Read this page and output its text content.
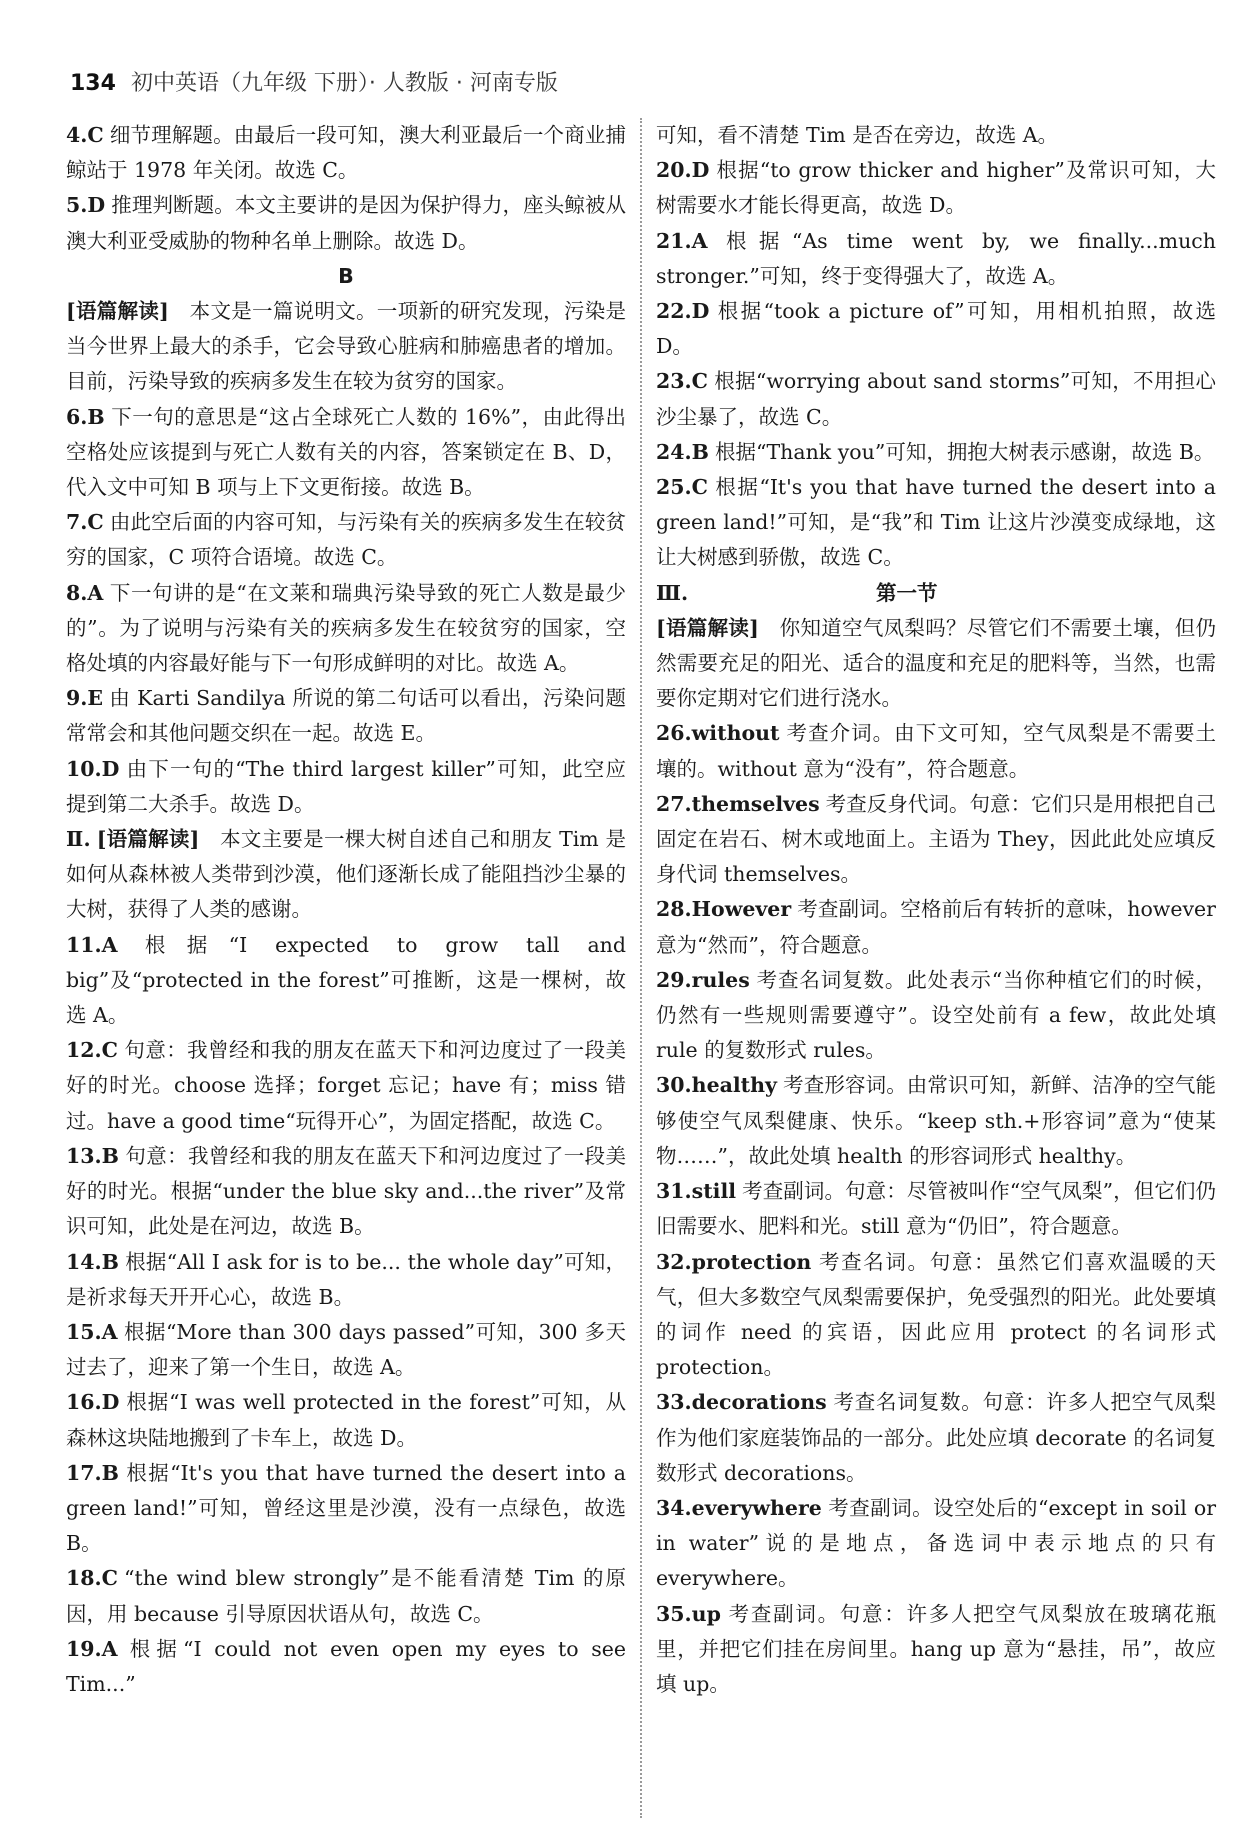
134 初中英语（九年级 下册）· 人教版 · 河南专版

4.C 细节理解题。由最后一段可知，澳大利亚最后一个商业捕鲸站于 1978 年关闭。故选 C。

5.D 推理判断题。本文主要讲的是因为保护得力，座头鲸被从澳大利亚受威胁的物种名单上删除。故选 D。

B

[语篇解读]  本文是一篇说明文。一项新的研究发现，污染是当今世界上最大的杀手，它会导致心脏病和肺癌患者的增加。目前，污染导致的疾病多发生在较为贫穷的国家。

6.B 下一句的意思是“这占全球死亡人数的 16%”，由此得出空格处应该提到与死亡人数有关的内容，答案锁定在 B、D，代入文中可知 B 项与上下文更衔接。故选 B。

7.C 由此空后面的内容可知，与污染有关的疾病多发生在较贫穷的国家，C 项符合语境。故选 C。

8.A 下一句讲的是“在文莱和瑞典污染导致的死亡人数是最少的”。为了说明与污染有关的疾病多发生在较贫穷的国家，空格处填的内容最好能与下一句形成鲜明的对比。故选 A。

9.E 由 Karti Sandilya 所说的第二句话可以看出，污染问题常常会和其他问题交织在一起。故选 E。

10.D 由下一句的“The third largest killer”可知，此空应提到第二大杀手。故选 D。

Ⅱ. [语篇解读]  本文主要是一棵大树自述自己和朋友 Tim 是如何从森林被人类带到沙漠，他们逐渐长成了能阻挡沙尘暴的大树，获得了人类的感谢。

11.A 根据“I expected to grow tall and big”及“protected in the forest”可推断，这是一棵树，故选 A。

12.C 句意：我曾经和我的朋友在蓝天下和河边度过了一段美好的时光。choose 选择；forget 忘记；have 有；miss 错过。have a good time“玩得开心”，为固定搭配，故选 C。

13.B 句意：我曾经和我的朋友在蓝天下和河边度过了一段美好的时光。根据“under the blue sky and...the river”及常识可知，此处是在河边，故选 B。

14.B 根据“All I ask for is to be... the whole day”可知，是祈求每天开开心心，故选 B。

15.A 根据“More than 300 days passed”可知，300 多天过去了，迎来了第一个生日，故选 A。

16.D 根据“I was well protected in the forest”可知，从森林这块陆地搬到了卡车上，故选 D。

17.B 根据“It's you that have turned the desert into a green land!”可知，曾经这里是沙漠，没有一点绿色，故选 B。

18.C “the wind blew strongly”是不能看清楚 Tim 的原因，用 because 引导原因状语从句，故选 C。

19.A 根据“I could not even open my eyes to see Tim...”

可知，看不清楚 Tim 是否在旁边，故选 A。

20.D 根据“to grow thicker and higher”及常识可知，大树需要水才能长得更高，故选 D。

21.A 根据“As time went by, we finally...much stronger.”可知，终于变得强大了，故选 A。

22.D 根据“took a picture of”可知，用相机拍照，故选 D。

23.C 根据“worrying about sand storms”可知，不用担心沙尘暴了，故选 C。

24.B 根据“Thank you”可知，拥抱大树表示感谢，故选 B。

25.C 根据“It's you that have turned the desert into a green land!”可知，是“我”和 Tim 让这片沙漠变成绿地，这让大树感到骄傲，故选 C。

Ⅲ.	第一节

[语篇解读]  你知道空气凤梨吗？尽管它们不需要土壤，但仍然需要充足的阳光、适合的温度和充足的肥料等，当然，也需要你定期对它们进行浇水。

26.without 考查介词。由下文可知，空气凤梨是不需要土壤的。without 意为“没有”，符合题意。

27.themselves 考查反身代词。句意：它们只是用根把自己固定在岩石、树木或地面上。主语为 They，因此此处应填反身代词 themselves。

28.However 考查副词。空格前后有转折的意味，however 意为“然而”，符合题意。

29.rules 考查名词复数。此处表示“当你种植它们的时候，仍然有一些规则需要遵守”。设空处前有 a few，故此处填 rule 的复数形式 rules。

30.healthy 考查形容词。由常识可知，新鲜、洁净的空气能够使空气凤梨健康、快乐。“keep sth.+形容词”意为“使某物……”，故此处填 health 的形容词形式 healthy。

31.still 考查副词。句意：尽管被叫作“空气凤梨”，但它们仍旧需要水、肥料和光。still 意为“仍旧”，符合题意。

32.protection 考查名词。句意：虽然它们喜欢温暖的天气，但大多数空气凤梨需要保护，免受强烈的阳光。此处要填的词作 need 的宾语，因此应用 protect 的名词形式 protection。

33.decorations 考查名词复数。句意：许多人把空气凤梨作为他们家庭装饰品的一部分。此处应填 decorate 的名词复数形式 decorations。

34.everywhere 考查副词。设空处后的“except in soil or in water”说的是地点，备选词中表示地点的只有 everywhere。

35.up 考查副词。句意：许多人把空气凤梨放在玻璃花瓶里，并把它们挂在房间里。hang up 意为“悬挂，吊”，故应填 up。
